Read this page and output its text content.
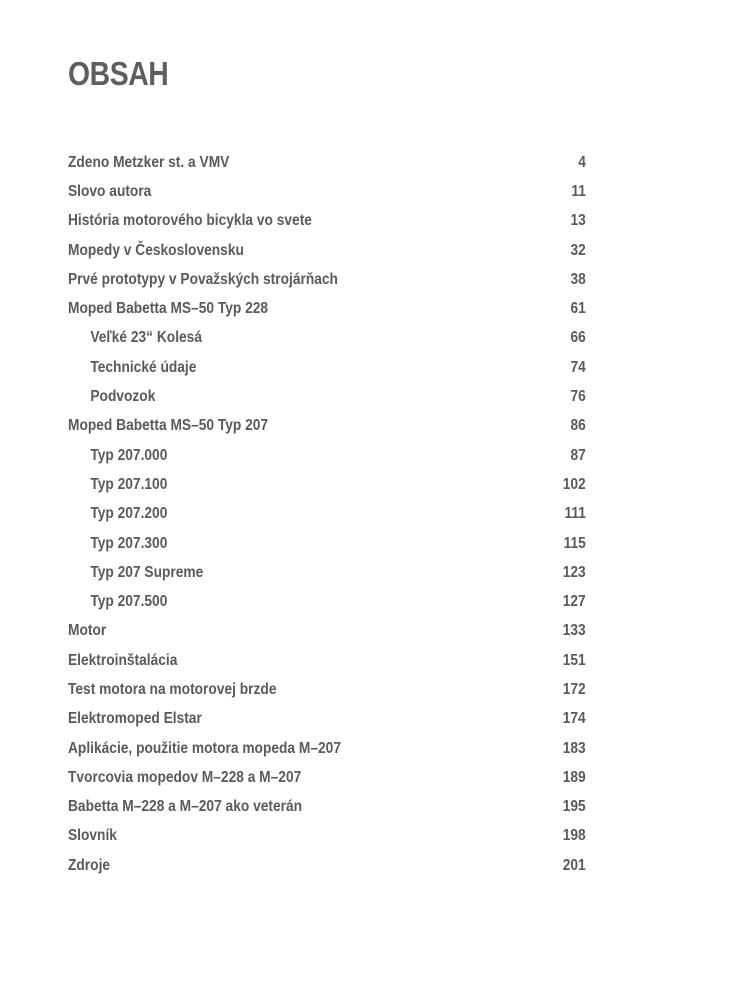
OBSAH
Zdeno Metzker st. a VMV	4
Slovo autora	11
História motorového bicykla vo svete	13
Mopedy v Československu	32
Prvé prototypy v Považských strojárňach	38
Moped Babetta MS–50 Typ 228	61
Veľké 23“ Kolesá	66
Technické údaje	74
Podvozok	76
Moped Babetta MS–50 Typ 207	86
Typ 207.000	87
Typ 207.100	102
Typ 207.200	111
Typ 207.300	115
Typ 207 Supreme	123
Typ 207.500	127
Motor	133
Elektroinštalácia	151
Test motora na motorovej brzde	172
Elektromoped Elstar	174
Aplikácie, použitie motora mopeda M–207	183
Tvorcovia mopedov M–228 a M–207	189
Babetta M–228 a M–207 ako veterán	195
Slovník	198
Zdroje	201
